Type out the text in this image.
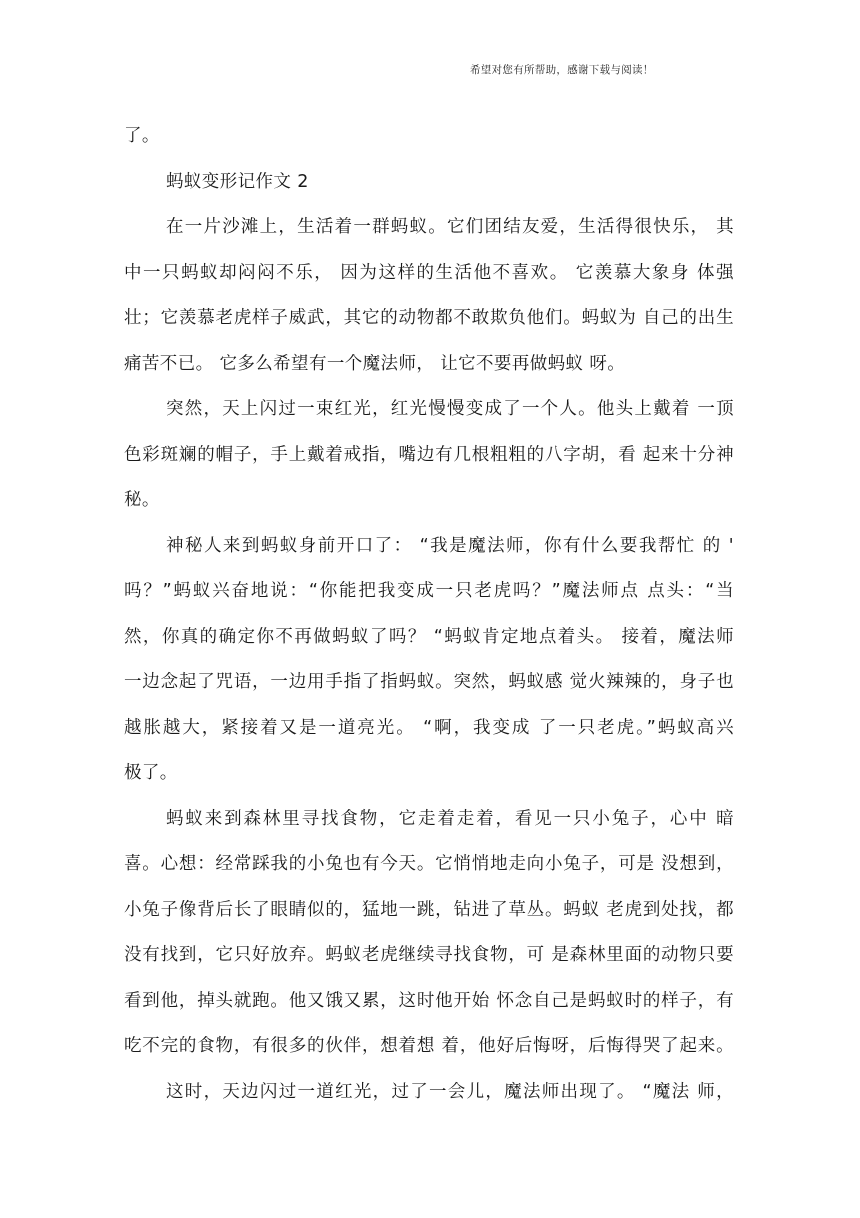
希望对您有所帮助，感谢下载与阅读！
了。
蚂蚁变形记作文 2
在一片沙滩上，生活着一群蚂蚁。它们团结友爱，生活得很快乐， 其
中一只蚂蚁却闷闷不乐， 因为这样的生活他不喜欢。 它羡慕大象身 体强
壮；它羡慕老虎样子威武，其它的动物都不敢欺负他们。蚂蚁为 自己的出生
痛苦不已。 它多么希望有一个魔法师， 让它不要再做蚂蚁 呀。
突然，天上闪过一束红光，红光慢慢变成了一个人。他头上戴着 一顶
色彩斑斓的帽子，手上戴着戒指，嘴边有几根粗粗的八字胡，看 起来十分神
秘。
神秘人来到蚂蚁身前开口了： “我是魔法师，你有什么要我帮忙 的 '
吗？”蚂蚁兴奋地说：“你能把我变成一只老虎吗？”魔法师点 点头：“当
然，你真的确定你不再做蚂蚁了吗？ “蚂蚁肯定地点着头。 接着，魔法师
一边念起了咒语，一边用手指了指蚂蚁。突然，蚂蚁感 觉火辣辣的，身子也
越胀越大，紧接着又是一道亮光。 “啊，我变成 了一只老虎。”蚂蚁高兴
极了。
蚂蚁来到森林里寻找食物，它走着走着，看见一只小兔子，心中 暗
喜。心想：经常踩我的小兔也有今天。它悄悄地走向小兔子，可是 没想到，
小兔子像背后长了眼睛似的，猛地一跳，钻进了草丛。蚂蚁 老虎到处找，都
没有找到，它只好放弃。蚂蚁老虎继续寻找食物，可 是森林里面的动物只要
看到他，掉头就跑。他又饿又累，这时他开始 怀念自己是蚂蚁时的样子，有
吃不完的食物，有很多的伙伴，想着想 着，他好后悔呀，后悔得哭了起来。
这时，天边闪过一道红光，过了一会儿，魔法师出现了。 “魔法 师，
